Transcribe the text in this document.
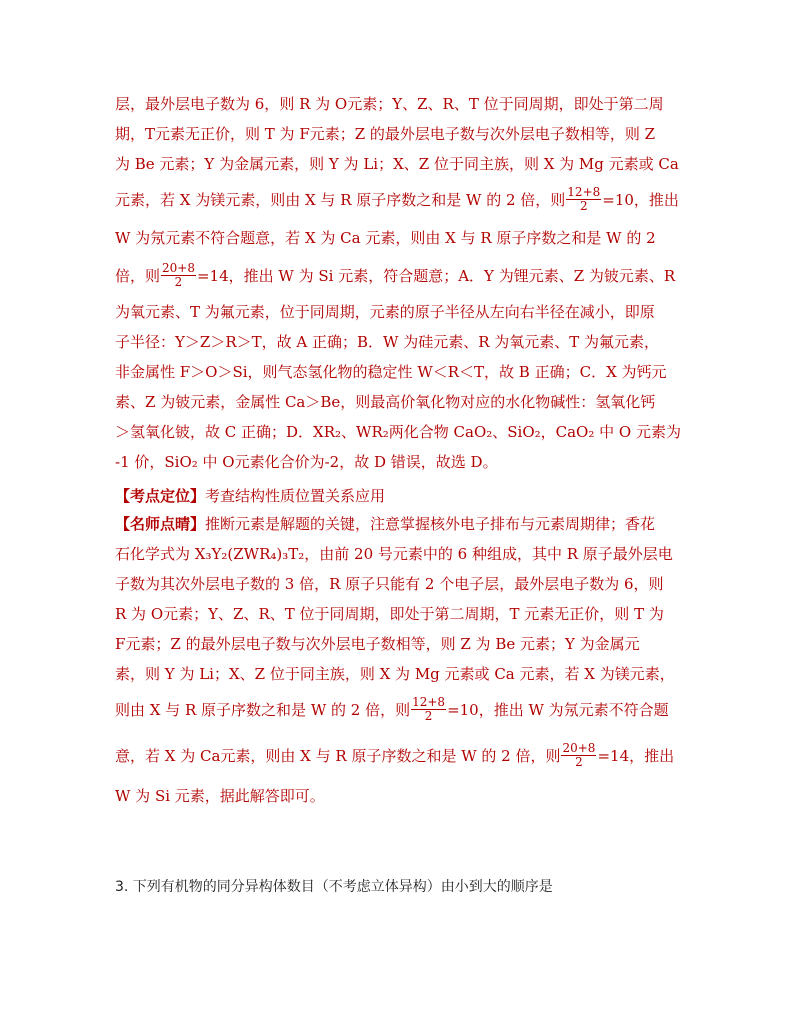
层，最外层电子数为 6，则 R 为 O元素；Y、Z、R、T 位于同周期，即处于第二周
期，T元素无正价，则 T 为 F元素；Z 的最外层电子数与次外层电子数相等，则 Z
为 Be 元素；Y 为金属元素，则 Y 为 Li；X、Z 位于同主族，则 X 为 Mg 元素或 Ca
元素，若 X 为镁元素，则由 X 与 R 原子序数之和是 W 的 2 倍，则 $\frac{12+8}{2} =10$，推出
W 为氖元素不符合题意，若 X 为 Ca 元素，则由 X 与 R 原子序数之和是 W 的 2
倍，则 $\frac{20+8}{2} =14$，推出 W 为 Si 元素，符合题意；A．Y 为锂元素、Z 为铍元素、R
为氧元素、T 为氟元素，位于同周期，元素的原子半径从左向右半径在减小，即原
子半径：Y＞Z＞R＞T，故 A 正确；B．W 为硅元素、R 为氧元素、T 为氟元素，
非金属性 F＞O＞Si，则气态氢化物的稳定性 W＜R＜T，故 B 正确；C．X 为钙元
素、Z 为铍元素，金属性 Ca＞Be，则最高价氧化物对应的水化物碱性：氢氧化钙
＞氢氧化铍，故 C 正确；D．XR₂、WR₂两化合物 CaO₂、SiO₂，CaO₂ 中 O 元素为
-1 价，SiO₂ 中 O元素化合价为-2，故 D 错误，故选 D。
【考点定位】 考查结构性质位置关系应用
【名师点晴】 推断元素是解题的关键，注意掌握核外电子排布与元素周期律；香花
石化学式为 X₃Y₂(ZWR₄)₃T₂，由前 20 号元素中的 6 种组成，其中 R 原子最外层电
子数为其次外层电子数的 3 倍，R 原子只能有 2 个电子层，最外层电子数为 6，则
R 为 O元素；Y、Z、R、T 位于同周期，即处于第二周期，T 元素无正价，则 T 为
F元素；Z 的最外层电子数与次外层电子数相等，则 Z 为 Be 元素；Y 为金属元
素，则 Y 为 Li；X、Z 位于同主族，则 X 为 Mg 元素或 Ca 元素，若 X 为镁元素，
则由 X 与 R 原子序数之和是 W 的 2 倍，则 $\frac{12+8}{2} =10$，推出 W 为氖元素不符合题
意，若 X 为 Ca元素，则由 X 与 R 原子序数之和是 W 的 2 倍，则 $\frac{20+8}{2} =14$，推出
W 为 Si 元素，据此解答即可。
3. 下列有机物的同分异构体数目（不考虑立体异构）由小到大的顺序是
